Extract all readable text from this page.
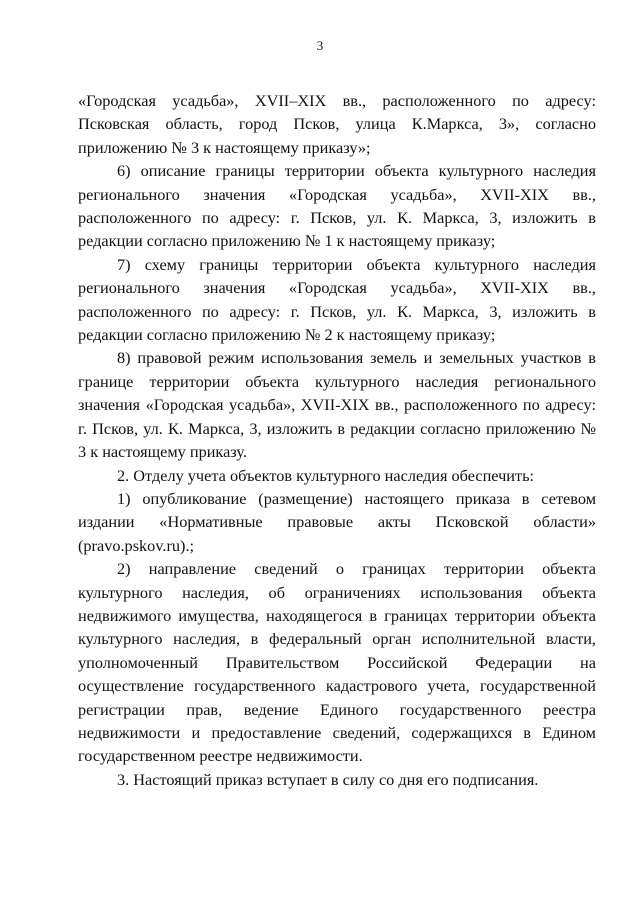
3

«Городская усадьба», XVII–XIX вв., расположенного по адресу: Псковская область, город Псков, улица К.Маркса, 3», согласно приложению № 3 к настоящему приказу»;

6) описание границы территории объекта культурного наследия регионального значения «Городская усадьба», XVII-XIX вв., расположенного по адресу: г. Псков, ул. К. Маркса, 3, изложить в редакции согласно приложению № 1 к настоящему приказу;

7) схему границы территории объекта культурного наследия регионального значения «Городская усадьба», XVII-XIX вв., расположенного по адресу: г. Псков, ул. К. Маркса, 3, изложить в редакции согласно приложению № 2 к настоящему приказу;

8) правовой режим использования земель и земельных участков в границе территории объекта культурного наследия регионального значения «Городская усадьба», XVII-XIX вв., расположенного по адресу: г. Псков, ул. К. Маркса, 3, изложить в редакции согласно приложению № 3 к настоящему приказу.

2. Отделу учета объектов культурного наследия обеспечить:

1) опубликование (размещение) настоящего приказа в сетевом издании «Нормативные правовые акты Псковской области» (pravo.pskov.ru).;

2) направление сведений о границах территории объекта культурного наследия, об ограничениях использования объекта недвижимого имущества, находящегося в границах территории объекта культурного наследия, в федеральный орган исполнительной власти, уполномоченный Правительством Российской Федерации на осуществление государственного кадастрового учета, государственной регистрации прав, ведение Единого государственного реестра недвижимости и предоставление сведений, содержащихся в Едином государственном реестре недвижимости.

3. Настоящий приказ вступает в силу со дня его подписания.
